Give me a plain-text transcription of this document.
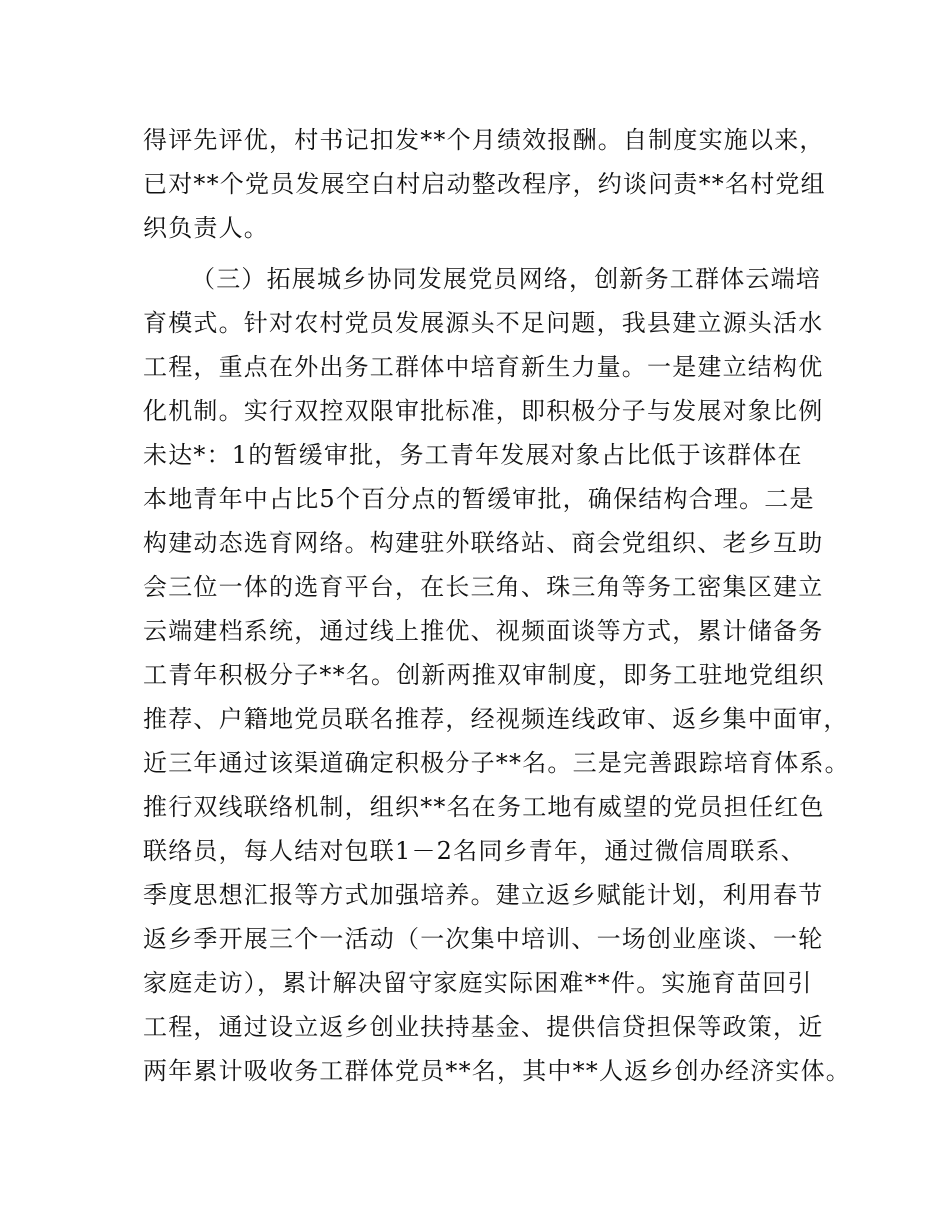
得评先评优，村书记扣发**个月绩效报酬。自制度实施以来，
已对**个党员发展空白村启动整改程序，约谈问责**名村党组
织负责人。
（三）拓展城乡协同发展党员网络，创新务工群体云端培
育模式。针对农村党员发展源头不足问题，我县建立源头活水
工程，重点在外出务工群体中培育新生力量。一是建立结构优
化机制。实行双控双限审批标准，即积极分子与发展对象比例
未达*：1的暂缓审批，务工青年发展对象占比低于该群体在
本地青年中占比5个百分点的暂缓审批，确保结构合理。二是
构建动态选育网络。构建驻外联络站、商会党组织、老乡互助
会三位一体的选育平台，在长三角、珠三角等务工密集区建立
云端建档系统，通过线上推优、视频面谈等方式，累计储备务
工青年积极分子**名。创新两推双审制度，即务工驻地党组织
推荐、户籍地党员联名推荐，经视频连线政审、返乡集中面审，
近三年通过该渠道确定积极分子**名。三是完善跟踪培育体系。
推行双线联络机制，组织**名在务工地有威望的党员担任红色
联络员，每人结对包联1－2名同乡青年，通过微信周联系、
季度思想汇报等方式加强培养。建立返乡赋能计划，利用春节
返乡季开展三个一活动（一次集中培训、一场创业座谈、一轮
家庭走访），累计解决留守家庭实际困难**件。实施育苗回引
工程，通过设立返乡创业扶持基金、提供信贷担保等政策，近
两年累计吸收务工群体党员**名，其中**人返乡创办经济实体。
